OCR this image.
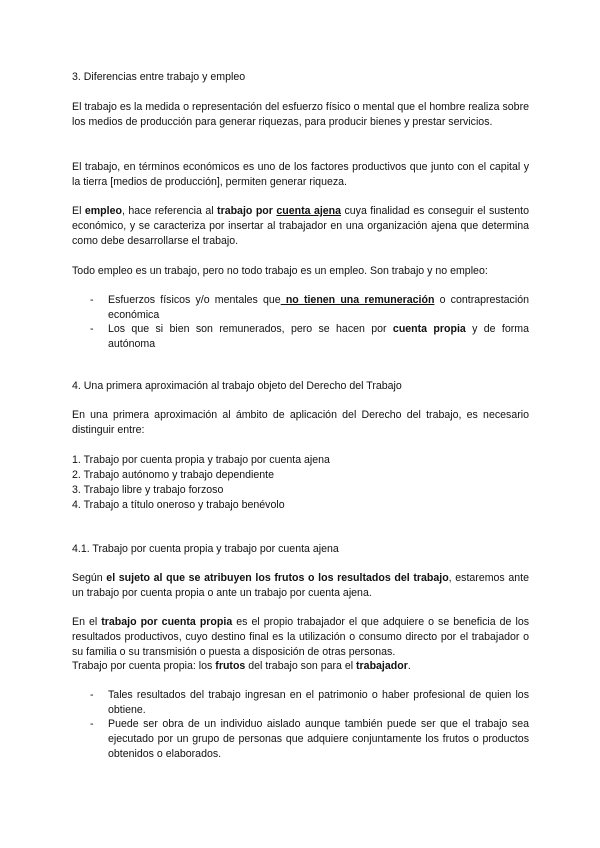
3. Diferencias entre trabajo y empleo

El trabajo es la medida o representación del esfuerzo físico o mental que el hombre realiza sobre los medios de producción para generar riquezas, para producir bienes y prestar servicios.

El trabajo, en términos económicos es uno de los factores productivos que junto con el capital y la tierra [medios de producción], permiten generar riqueza.

El empleo, hace referencia al trabajo por cuenta ajena cuya finalidad es conseguir el sustento económico, y se caracteriza por insertar al trabajador en una organización ajena que determina como debe desarrollarse el trabajo.

Todo empleo es un trabajo, pero no todo trabajo es un empleo. Son trabajo y no empleo:

- Esfuerzos físicos y/o mentales que no tienen una remuneración o contraprestación económica
- Los que si bien son remunerados, pero se hacen por cuenta propia y de forma autónoma

4. Una primera aproximación al trabajo objeto del Derecho del Trabajo

En una primera aproximación al ámbito de aplicación del Derecho del trabajo, es necesario distinguir entre:

1. Trabajo por cuenta propia y trabajo por cuenta ajena
2. Trabajo autónomo y trabajo dependiente
3. Trabajo libre y trabajo forzoso
4. Trabajo a título oneroso y trabajo benévolo

4.1. Trabajo por cuenta propia y trabajo por cuenta ajena

Según el sujeto al que se atribuyen los frutos o los resultados del trabajo, estaremos ante un trabajo por cuenta propia o ante un trabajo por cuenta ajena.

En el trabajo por cuenta propia es el propio trabajador el que adquiere o se beneficia de los resultados productivos, cuyo destino final es la utilización o consumo directo por el trabajador o su familia o su transmisión o puesta a disposición de otras personas.

Trabajo por cuenta propia: los frutos del trabajo son para el trabajador.

- Tales resultados del trabajo ingresan en el patrimonio o haber profesional de quien los obtiene.
- Puede ser obra de un individuo aislado aunque también puede ser que el trabajo sea ejecutado por un grupo de personas que adquiere conjuntamente los frutos o productos obtenidos o elaborados.
